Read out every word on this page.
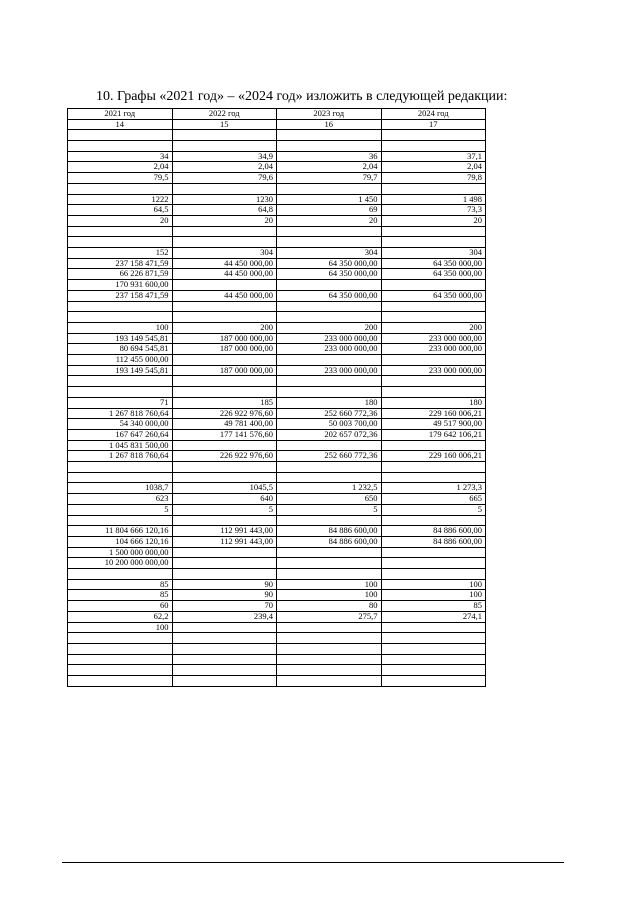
10. Графы «2021 год» – «2024 год» изложить в следующей редакции:
2021 год	2022 год	2023 год	2024 год
14	15	16	17

34	34,9	36	37,1
2,04	2,04	2,04	2,04
79,5	79,6	79,7	79,8

1222	1230	1 450	1 498
64,5	64,8	69	73,3
20	20	20	20

152	304	304	304
237 158 471,59	44 450 000,00	64 350 000,00	64 350 000,00
66 226 871,59	44 450 000,00	64 350 000,00	64 350 000,00
170 931 600,00			
237 158 471,59	44 450 000,00	64 350 000,00	64 350 000,00

100	200	200	200
193 149 545,81	187 000 000,00	233 000 000,00	233 000 000,00
80 694 545,81	187 000 000,00	233 000 000,00	233 000 000,00
112 455 000,00			
193 149 545,81	187 000 000,00	233 000 000,00	233 000 000,00

71	185	180	180
1 267 818 760,64	226 922 976,60	252 660 772,36	229 160 006,21
54 340 000,00	49 781 400,00	50 003 700,00	49 517 900,00
167 647 260,64	177 141 576,60	202 657 072,36	179 642 106,21
1 045 831 500,00			
1 267 818 760,64	226 922 976,60	252 660 772,36	229 160 006,21

1038,7	1045,5	1 232,5	1 273,3
623	640	650	665
5	5	5	5

11 804 666 120,16	112 991 443,00	84 886 600,00	84 886 600,00
104 666 120,16	112 991 443,00	84 886 600,00	84 886 600,00
1 500 000 000,00			
10 200 000 000,00			

85	90	100	100
85	90	100	100
60	70	80	85
62,2	239,4	275,7	274,1
100			
